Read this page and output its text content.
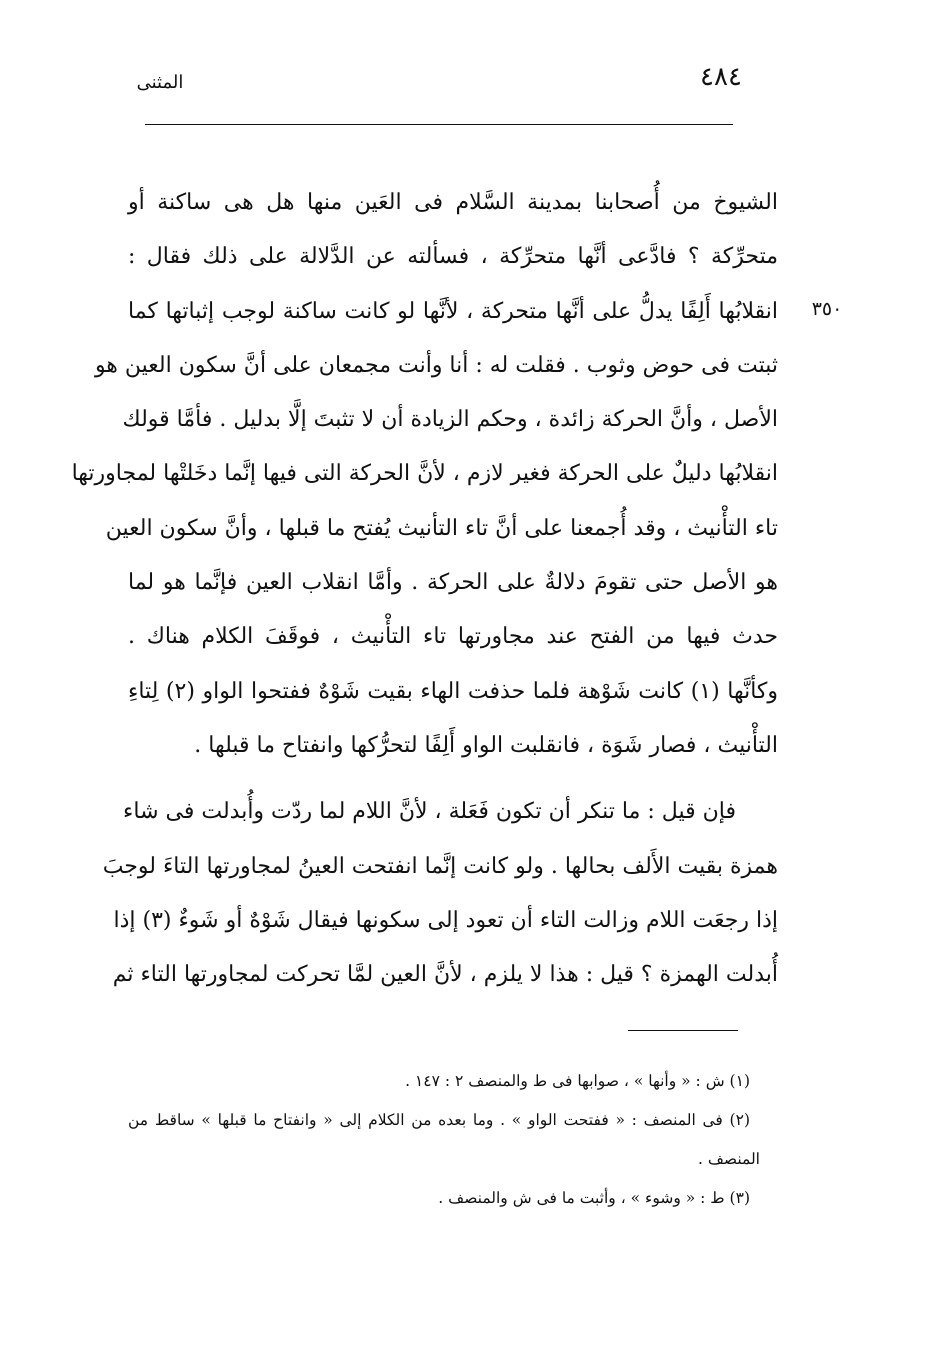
٤٨٤
المثنى
٣٥٠
الشيوخ من أُصحابنا بمدينة السَّلام فى العَين منها هل هى ساكنة أو
متحرِّكة ؟ فادَّعى أنَّها متحرِّكة ، فسألته عن الدَّلالة على ذلك فقال :
انقلابُها أَلِفًا يدلُّ على أنَّها متحركة ، لأنَّها لو كانت ساكنة لوجب إثباتها كما
ثبتت فى حوض وثوب . فقلت له : أنا وأنت مجمعان على أنَّ سكون العين هو
الأصل ، وأنَّ الحركة زائدة ، وحكم الزيادة أن لا تثبتَ إلَّا بدليل . فأمَّا قولك
انقلابُها دليلٌ على الحركة فغير لازم ، لأنَّ الحركة التى فيها إنَّما دخَلتْها لمجاورتها
تاء التأْنيث ، وقد أُجمعنا على أنَّ تاء التأنيث يُفتح ما قبلها ، وأنَّ سكون العين
هو الأصل حتى تقومَ دلالةٌ على الحركة . وأمَّا انقلاب العين فإنَّما هو لما
حدث فيها من الفتح عند مجاورتها تاء التأْنيث ، فوقَفَ الكلام هناك .
وكأنَّها (١) كانت شَوْهة فلما حذفت الهاء بقيت شَوْهٌ ففتحوا الواو (٢) لِتاءِ
التأْنيث ، فصار شَوَة ، فانقلبت الواو أَلِفًا لتحرُّكها وانفتاح ما قبلها .
فإن قيل : ما تنكر أن تكون فَعَلة ، لأنَّ اللام لما ردّت وأُبدلت فى شاء
همزة بقيت الأَلف بحالها . ولو كانت إنَّما انفتحت العينُ لمجاورتها التاءَ لوجبَ
إذا رجعَت اللام وزالت التاء أن تعود إلى سكونها فيقال شَوْهٌ أو شَوءٌ (٣) إذا
أُبدلت الهمزة ؟ قيل : هذا لا يلزم ، لأنَّ العين لمَّا تحركت لمجاورتها التاء ثم
(١) ش : « وأنها » ، صوابها فى ط والمنصف ٢ : ١٤٧ .
(٢) فى المنصف : « ففتحت الواو » . وما بعده من الكلام إلى « وانفتاح ما قبلها » ساقط من
المنصف .
(٣) ط : « وشوء » ، وأثبت ما فى ش والمنصف .
